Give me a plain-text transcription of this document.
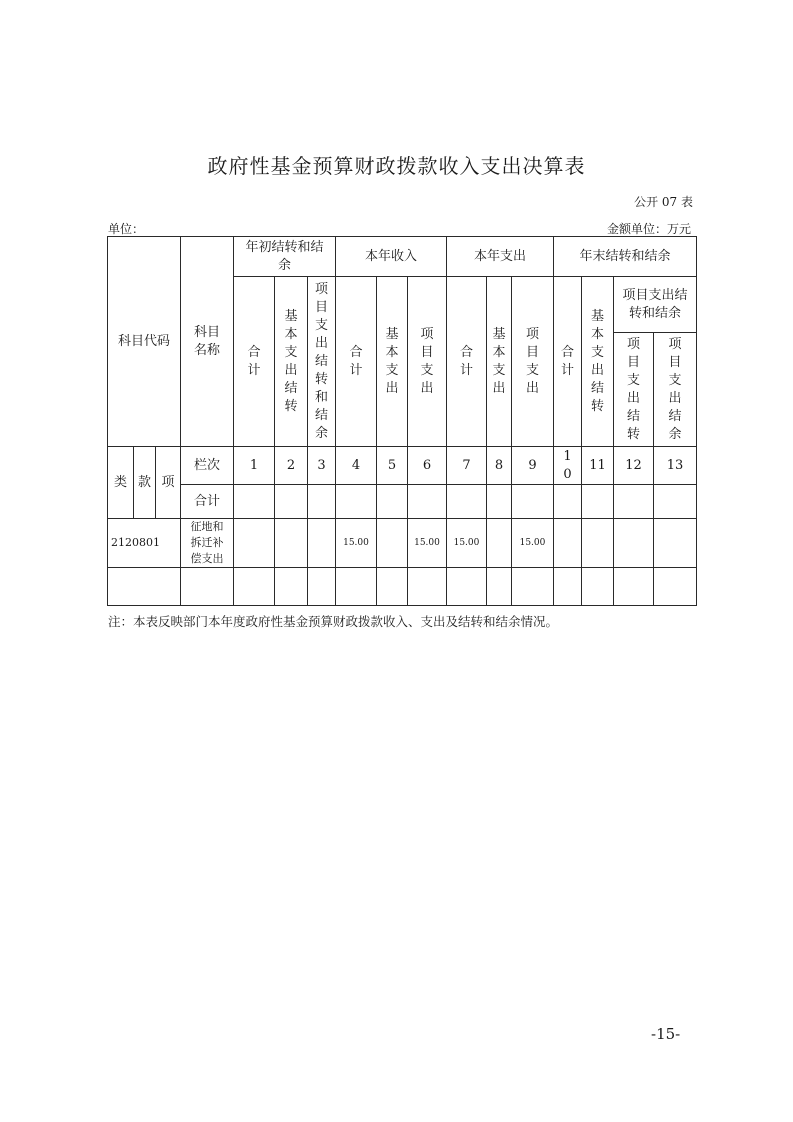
政府性基金预算财政拨款收入支出决算表
公开 07 表
单位：	金额单位：万元
科目代码			科目名称	年初结转和结余			本年收入			本年支出			年末结转和结余			
				合计	基本支出结转	项目支出结转和结余	合计	基本支出	项目支出	合计	基本支出	项目支出	合计	基本支出结转	项目支出结转和结余	
															项目支出结转	项目支出结余

类	款	项	栏次	1	2	3	4	5	6	7	8	9	10	11	12	13
			合计													
2120801			征地和拆迁补偿支出				15.00		15.00	15.00		15.00				

注：本表反映部门本年度政府性基金预算财政拨款收入、支出及结转和结余情况。
-15-
